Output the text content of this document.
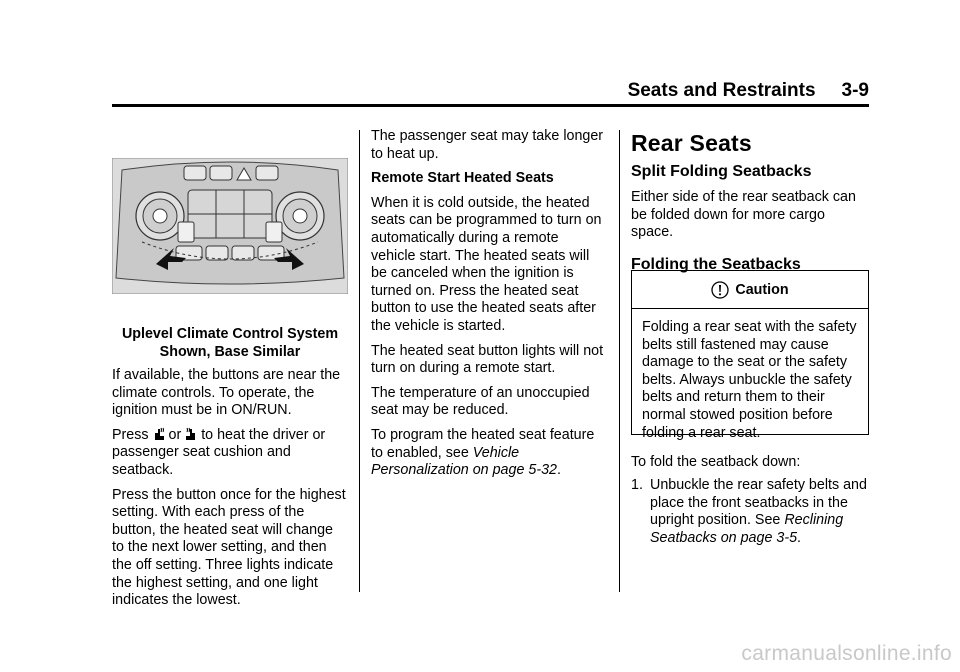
Seats and Restraints 3-9
Uplevel Climate Control System
Shown, Base Similar

If available, the buttons are near the climate controls. To operate, the ignition must be in ON/RUN.

Press or to heat the driver or

passenger seat cushion and seatback.

Press the button once for the highest setting. With each press of the button, the heated seat will change to the next lower setting, and then the off setting. Three lights indicate the highest setting, and one light indicates the lowest.

The passenger seat may take longer to heat up.

Remote Start Heated Seats

When it is cold outside, the heated seats can be programmed to turn on automatically during a remote vehicle start. The heated seats will be canceled when the ignition is turned on. Press the heated seat button to use the heated seats after the vehicle is started.

The heated seat button lights will not turn on during a remote start.

The temperature of an unoccupied seat may be reduced.

To program the heated seat feature to enabled, see Vehicle Personalization on page 5-32.

Rear Seats
Split Folding Seatbacks

Either side of the rear seatback can be folded down for more cargo space.

Folding the Seatbacks
Caution
Folding a rear seat with the safety belts still fastened may cause damage to the seat or the safety belts. Always unbuckle the safety belts and return them to their normal stowed position before folding a rear seat.

To fold the seatback down:

1. Unbuckle the rear safety belts and place the front seatbacks in the upright position. See Reclining Seatbacks on page 3-5.
carmanualsonline.info
